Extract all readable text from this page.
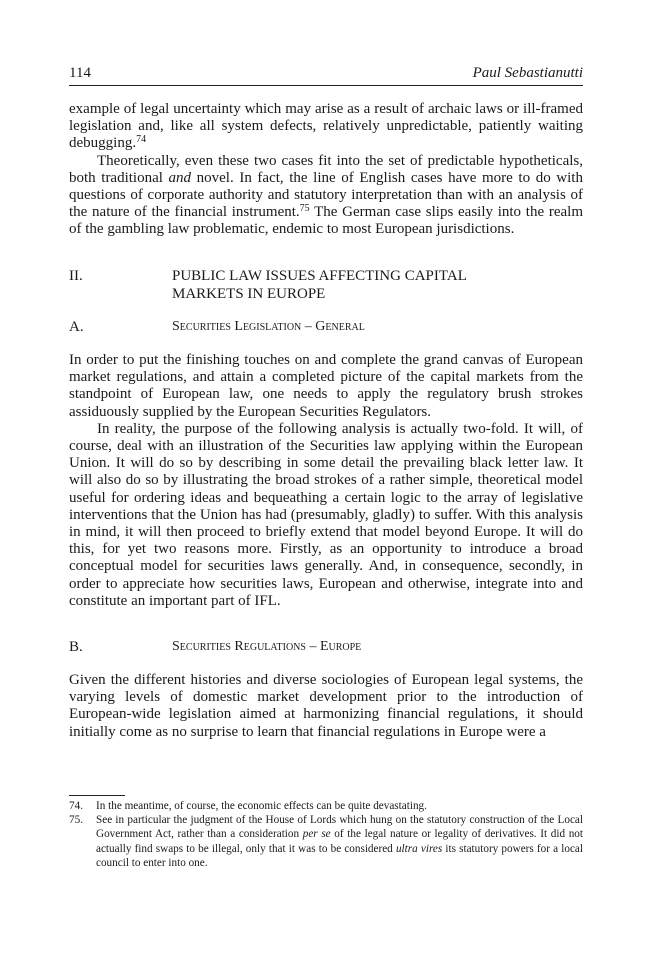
114	Paul Sebastianutti

example of legal uncertainty which may arise as a result of archaic laws or ill-framed legislation and, like all system defects, relatively unpredictable, patiently waiting debugging.$^{74}$

Theoretically, even these two cases fit into the set of predictable hypotheticals, both traditional and novel. In fact, the line of English cases have more to do with questions of corporate authority and statutory interpretation than with an analysis of the nature of the financial instrument.$^{75}$ The German case slips easily into the realm of the gambling law problematic, endemic to most European jurisdictions.

II.	PUBLIC LAW ISSUES AFFECTING CAPITAL
MARKETS IN EUROPE
A.	Securities Legislation – General

In order to put the finishing touches on and complete the grand canvas of European market regulations, and attain a completed picture of the capital markets from the standpoint of European law, one needs to apply the regulatory brush strokes assiduously supplied by the European Securities Regulators.

In reality, the purpose of the following analysis is actually two-fold. It will, of course, deal with an illustration of the Securities law applying within the European Union. It will do so by describing in some detail the prevailing black letter law. It will also do so by illustrating the broad strokes of a rather simple, theoretical model useful for ordering ideas and bequeathing a certain logic to the array of legislative interventions that the Union has had (presumably, gladly) to suffer. With this analysis in mind, it will then proceed to briefly extend that model beyond Europe. It will do this, for yet two reasons more. Firstly, as an opportunity to introduce a broad conceptual model for securities laws generally. And, in consequence, secondly, in order to appreciate how securities laws, European and otherwise, integrate into and constitute an important part of IFL.

B.	Securities Regulations – Europe

Given the different histories and diverse sociologies of European legal systems, the varying levels of domestic market development prior to the introduction of European-wide legislation aimed at harmonizing financial regulations, it should initially come as no surprise to learn that financial regulations in Europe were a

74.	In the meantime, of course, the economic effects can be quite devastating.
75.	See in particular the judgment of the House of Lords which hung on the statutory construction of the Local Government Act, rather than a consideration per se of the legal nature or legality of derivatives. It did not actually find swaps to be illegal, only that it was to be considered ultra vires its statutory powers for a local council to enter into one.
